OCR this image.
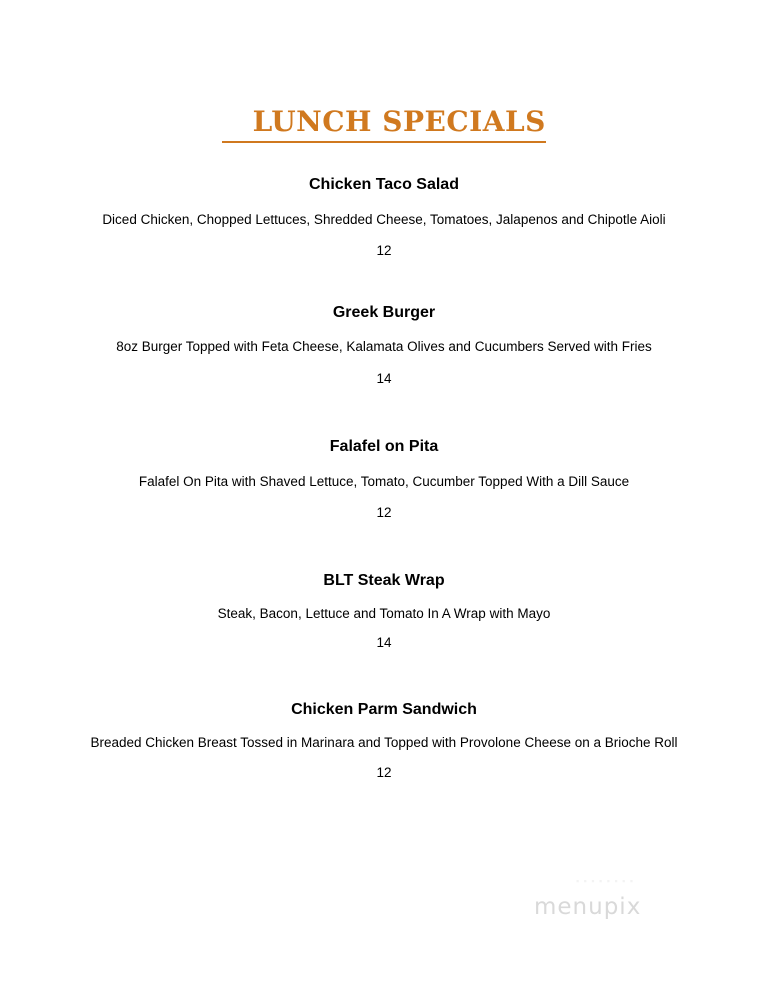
LUNCH SPECIALS

Chicken Taco Salad

Diced Chicken, Chopped Lettuces, Shredded Cheese, Tomatoes, Jalapenos and Chipotle Aioli

12

Greek Burger

8oz Burger Topped with Feta Cheese, Kalamata Olives and Cucumbers Served with Fries

14

Falafel on Pita

Falafel On Pita with Shaved Lettuce, Tomato, Cucumber Topped With a Dill Sauce

12

BLT Steak Wrap

Steak, Bacon, Lettuce and Tomato In A Wrap with Mayo

14

Chicken Parm Sandwich

Breaded Chicken Breast Tossed in Marinara and Topped with Provolone Cheese on a Brioche Roll

12

▪ ▪ ▪ ▪ ▪ ▪ ▪ ▪
menupix
